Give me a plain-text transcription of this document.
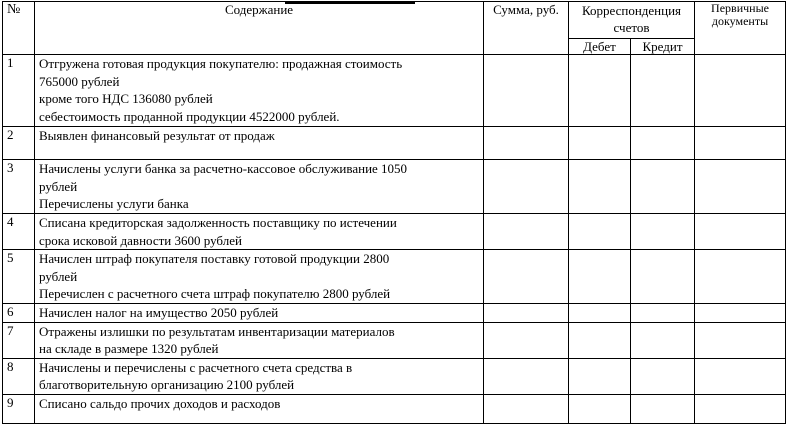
№	Содержание	Сумма, руб.	Корреспонденция счетов		Первичные документы
			Дебет	Кредит	
1	Отгружена готовая продукция покупателю: продажная стоимость
765000 рублей
кроме того НДС 136080 рублей
себестоимость проданной продукции 4522000 рублей.				

2	Выявлен финансовый результат от продаж				

3	Начислены услуги банка за расчетно-кассовое обслуживание 1050
рублей
Перечислены услуги банка				

4	Списана кредиторская задолженность поставщику по истечении
срока исковой давности 3600 рублей				

5	Начислен штраф покупателя поставку готовой продукции 2800
рублей
Перечислен с расчетного счета штраф покупателю 2800 рублей				

6	Начислен налог на имущество 2050 рублей				

7	Отражены излишки по результатам инвентаризации материалов
на складе в размере 1320 рублей				

8	Начислены и перечислены с расчетного счета средства в
благотворительную организацию 2100 рублей				

9	Списано сальдо прочих доходов и расходов				
